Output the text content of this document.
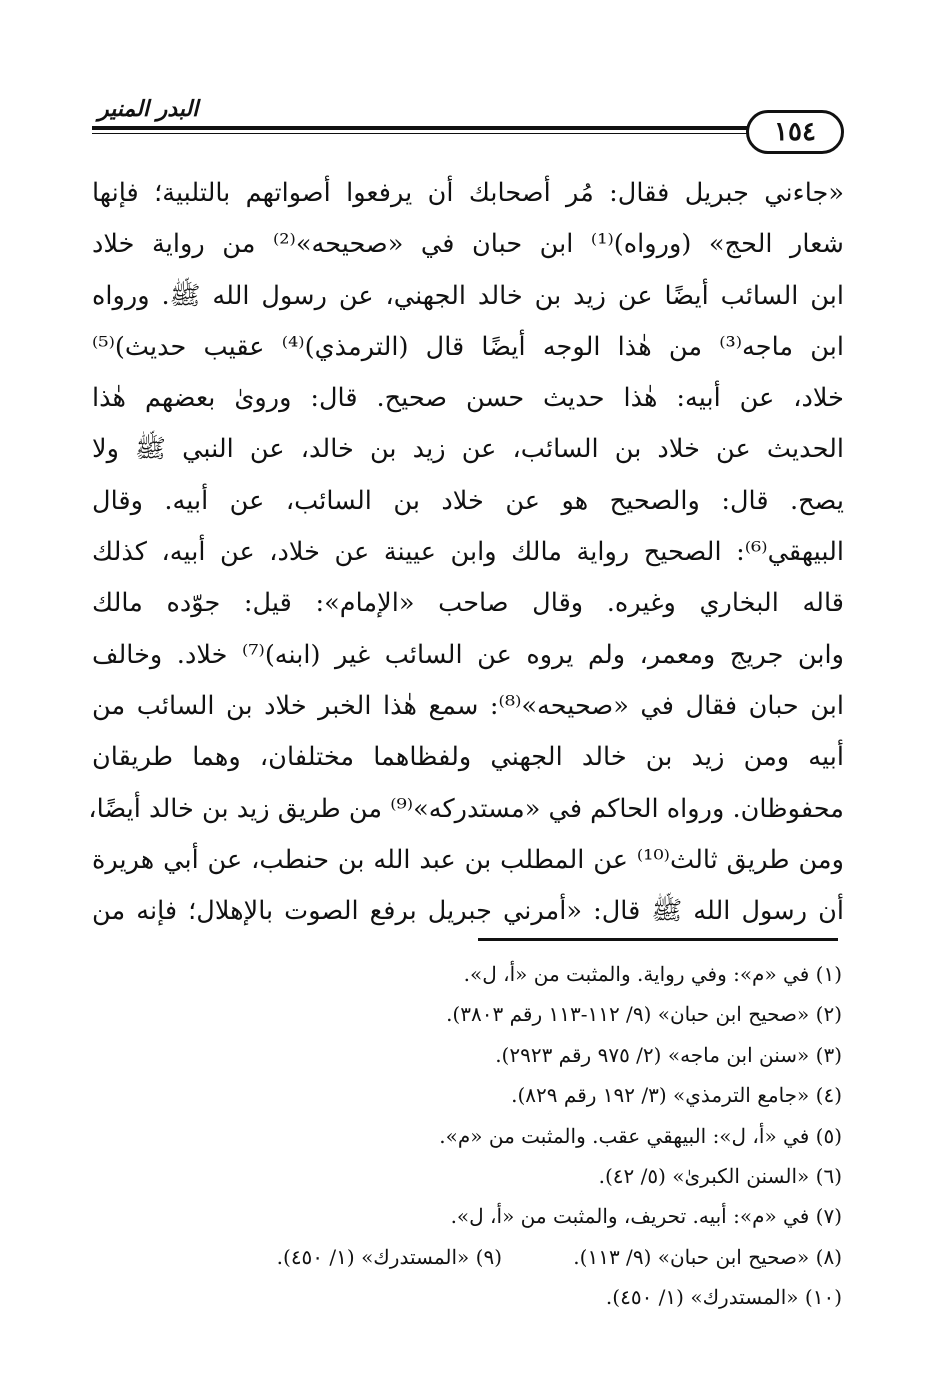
١٥٤
البدر المنير
«جاءني جبريل فقال: مُر أصحابك أن يرفعوا أصواتهم بالتلبية؛ فإنها
شعار الحج» (ورواه)⁽¹⁾ ابن حبان في «صحيحه»⁽²⁾ من رواية خلاد
ابن السائب أيضًا عن زيد بن خالد الجهني، عن رسول الله ﷺ. ورواه
ابن ماجه⁽³⁾ من هٰذا الوجه أيضًا قال (الترمذي)⁽⁴⁾ عقيب حديث)⁽⁵⁾
خلاد، عن أبيه: هٰذا حديث حسن صحيح. قال: وروىٰ بعضهم هٰذا
الحديث عن خلاد بن السائب، عن زيد بن خالد، عن النبي ﷺ ولا
يصح. قال: والصحيح هو عن خلاد بن السائب، عن أبيه. وقال
البيهقي⁽⁶⁾: الصحيح رواية مالك وابن عيينة عن خلاد، عن أبيه، كذلك
قاله البخاري وغيره. وقال صاحب «الإمام»: قيل: جوّده مالك
وابن جريج ومعمر، ولم يروه عن السائب غير (ابنه)⁽⁷⁾ خلاد. وخالف
ابن حبان فقال في «صحيحه»⁽⁸⁾: سمع هٰذا الخبر خلاد بن السائب من
أبيه ومن زيد بن خالد الجهني ولفظاهما مختلفان، وهما طريقان
محفوظان. ورواه الحاكم في «مستدركه»⁽⁹⁾ من طريق زيد بن خالد أيضًا،
ومن طريق ثالث⁽¹⁰⁾ عن المطلب بن عبد الله بن حنطب، عن أبي هريرة
أن رسول الله ﷺ قال: «أمرني جبريل برفع الصوت بالإهلال؛ فإنه من
(١) في «م»: وفي رواية. والمثبت من «أ، ل».
(٢) «صحيح ابن حبان» (٩/ ١١٢-١١٣ رقم ٣٨٠٣).
(٣) «سنن ابن ماجه» (٢/ ٩٧٥ رقم ٢٩٢٣).
(٤) «جامع الترمذي» (٣/ ١٩٢ رقم ٨٢٩).
(٥) في «أ، ل»: البيهقي عقب. والمثبت من «م».
(٦) «السنن الكبرىٰ» (٥/ ٤٢).
(٧) في «م»: أبيه. تحريف، والمثبت من «أ، ل».
(٨) «صحيح ابن حبان» (٩/ ١١٣).
(٩) «المستدرك» (١/ ٤٥٠).
(١٠) «المستدرك» (١/ ٤٥٠).
